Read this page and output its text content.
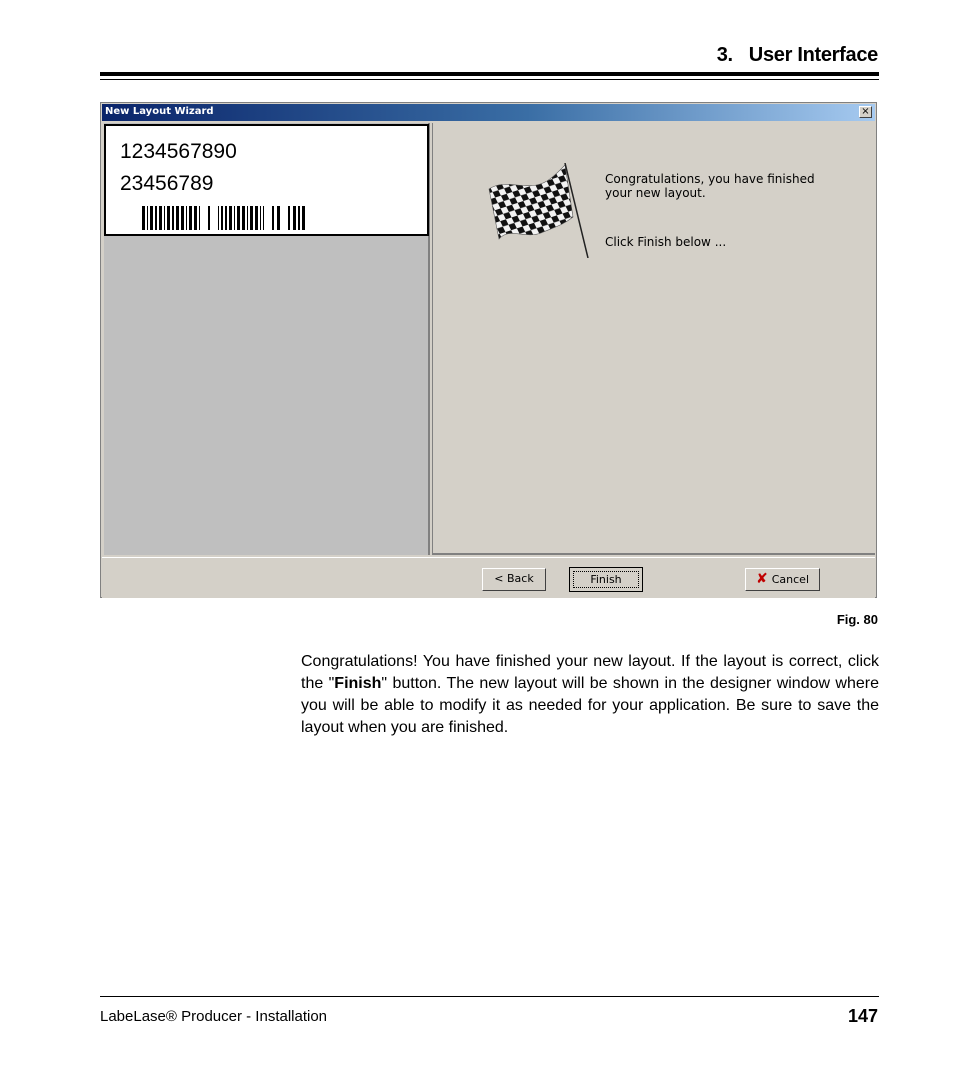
3. User Interface
New Layout Wizard	×
1234567890
23456789	Congratulations, you have finished your new layout.
Click Finish below ...
< Back	Finish	✘ Cancel
Fig. 80
Congratulations! You have finished your new layout. If the layout is correct, click the "Finish" button. The new layout will be shown in the designer window where you will be able to modify it as needed for your application. Be sure to save the layout when you are finished.
LabeLase® Producer - Installation	147
